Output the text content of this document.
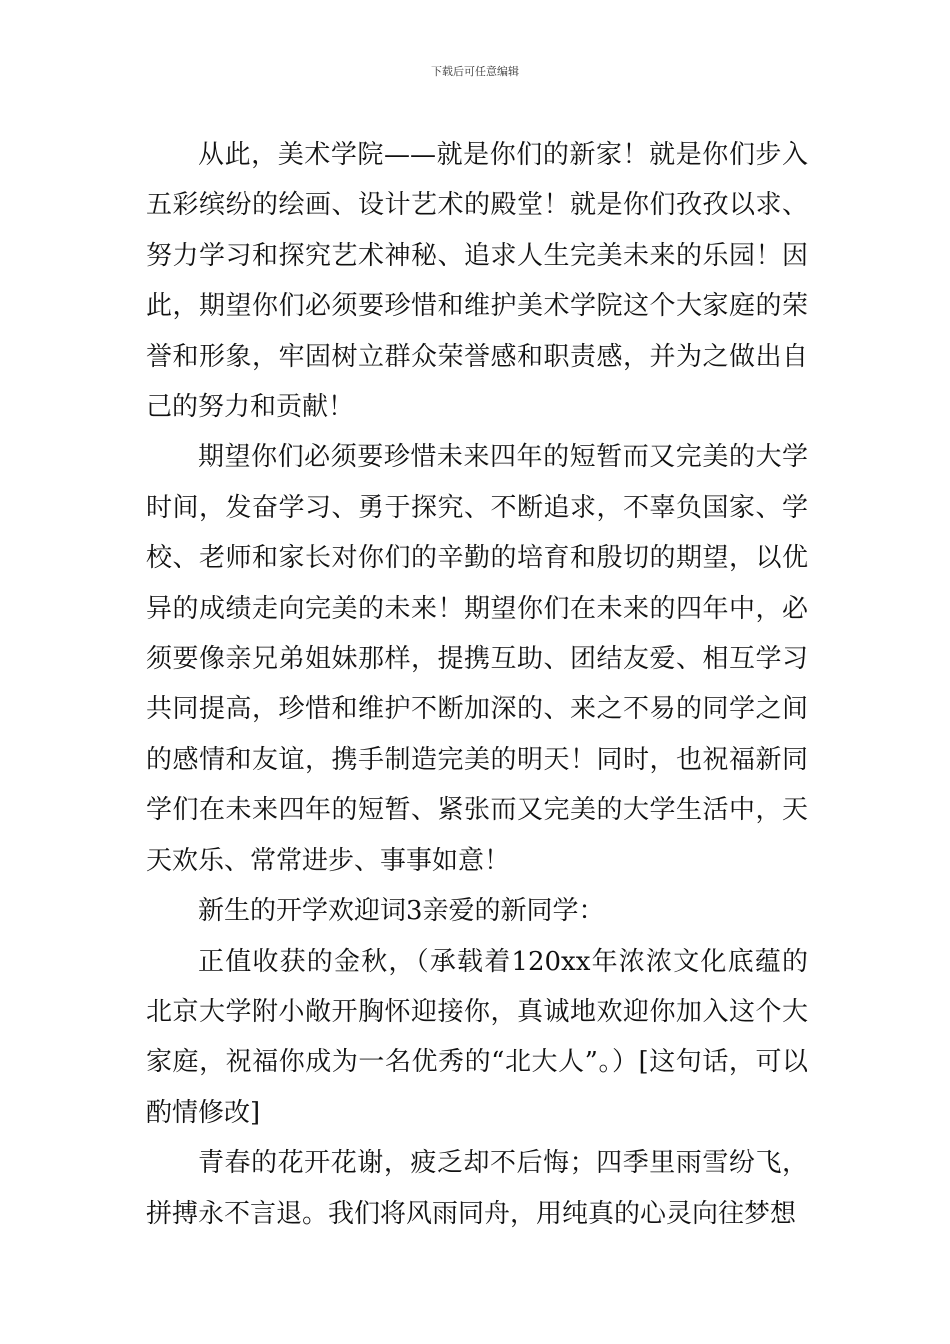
下载后可任意编辑

从此，美术学院——就是你们的新家！就是你们步入五彩缤纷的绘画、设计艺术的殿堂！就是你们孜孜以求、努力学习和探究艺术神秘、追求人生完美未来的乐园！因此，期望你们必须要珍惜和维护美术学院这个大家庭的荣誉和形象，牢固树立群众荣誉感和职责感，并为之做出自己的努力和贡献！

期望你们必须要珍惜未来四年的短暂而又完美的大学时间，发奋学习、勇于探究、不断追求，不辜负国家、学校、老师和家长对你们的辛勤的培育和殷切的期望，以优异的成绩走向完美的未来！期望你们在未来的四年中，必须要像亲兄弟姐妹那样，提携互助、团结友爱、相互学习共同提高，珍惜和维护不断加深的、来之不易的同学之间的感情和友谊，携手制造完美的明天！同时，也祝福新同学们在未来四年的短暂、紧张而又完美的大学生活中，天天欢乐、常常进步、事事如意！

新生的开学欢迎词3亲爱的新同学：

正值收获的金秋，（承载着120xx年浓浓文化底蕴的北京大学附小敞开胸怀迎接你，真诚地欢迎你加入这个大家庭，祝福你成为一名优秀的“北大人”。）[这句话，可以酌情修改]

青春的花开花谢，疲乏却不后悔；四季里雨雪纷飞，拼搏永不言退。我们将风雨同舟，用纯真的心灵向往梦想
